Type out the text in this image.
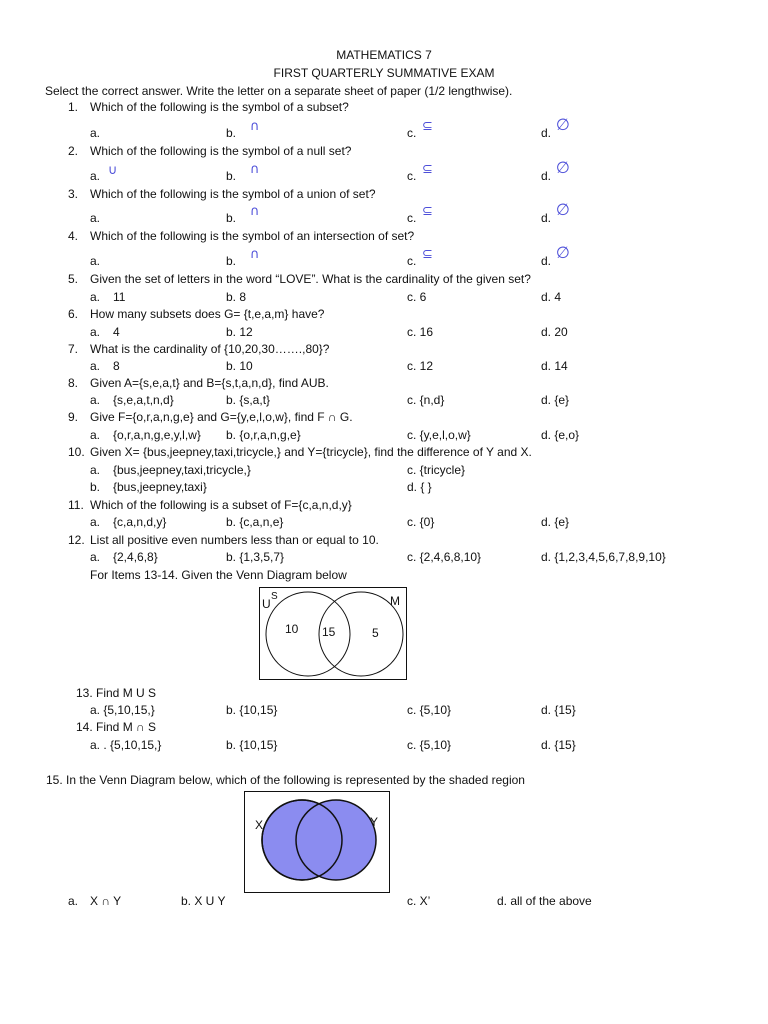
MATHEMATICS 7
FIRST QUARTERLY SUMMATIVE EXAM
Select the correct answer. Write the letter on a separate sheet of paper (1/2 lengthwise).
1. Which of the following is the symbol of a subset?
a.	b. ∩	c. ⊆	d. ∅
2. Which of the following is the symbol of a null set?
a. ∪	b. ∩	c. ⊆	d. ∅
3. Which of the following is the symbol of a union of set?
a.	b. ∩	c. ⊆	d. ∅
4. Which of the following is the symbol of an intersection of set?
a.	b. ∩	c. ⊆	d. ∅
5. Given the set of letters in the word “LOVE”. What is the cardinality of the given set?
a. 11	b. 8	c. 6	d. 4
6. How many subsets does G= {t,e,a,m} have?
a. 4	b. 12	c. 16	d. 20
7. What is the cardinality of {10,20,30…….,80}?
a. 8	b. 10	c. 12	d. 14
8. Given A={s,e,a,t} and B={s,t,a,n,d}, find AUB.
a. {s,e,a,t,n,d}	b. {s,a,t}	c. {n,d}	d. {e}
9. Give F={o,r,a,n,g,e} and G={y,e,l,o,w}, find F ∩ G.
a. {o,r,a,n,g,e,y,l,w} b. {o,r,a,n,g,e}	c. {y,e,l,o,w}	d. {e,o}
10. Given X= {bus,jeepney,taxi,tricycle,} and Y={tricycle}, find the difference of Y and X.
a. {bus,jeepney,taxi,tricycle,}	c. {tricycle}
b. {bus,jeepney,taxi}	d. { }
11. Which of the following is a subset of F={c,a,n,d,y}
a. {c,a,n,d,y}	b. {c,a,n,e}	c. {0}	d. {e}
12. List all positive even numbers less than or equal to 10.
a. {2,4,6,8}	b. {1,3,5,7}	c. {2,4,6,8,10}	d. {1,2,3,4,5,6,7,8,9,10}
For Items 13-14. Given the Venn Diagram below
U
S	M
10 15	5
13. Find M U S
a. {5,10,15,}	b. {10,15}	c. {5,10}	d. {15}
14. Find M ∩ S
a. . {5,10,15,}	b. {10,15}	c. {5,10}	d. {15}
15. In the Venn Diagram below, which of the following is represented by the shaded region
X	Y
a. X ∩ Y	b. X U Y	c. X’	d. all of the above
